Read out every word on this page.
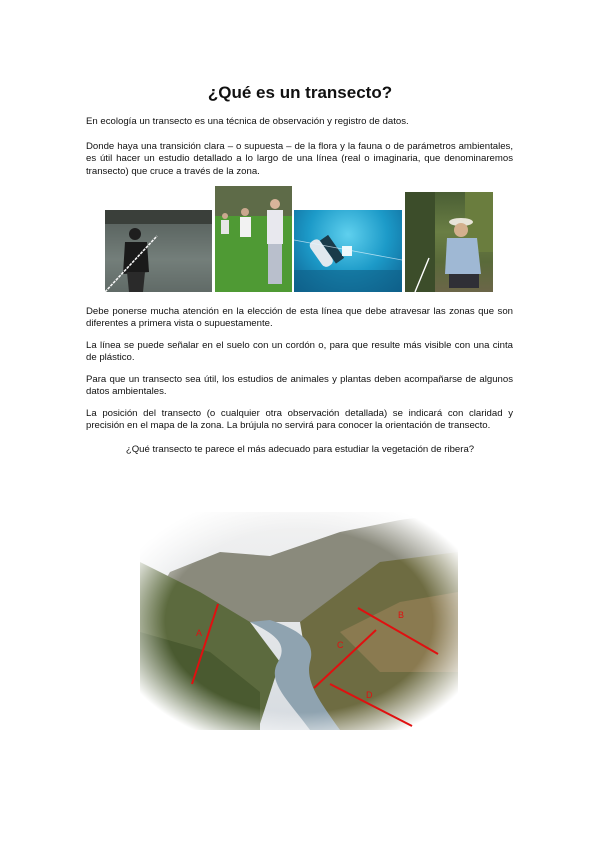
¿Qué es un transecto?
En ecología un transecto es una técnica de observación y registro de datos.
Donde haya una transición clara – o supuesta – de la flora y la fauna o de parámetros ambientales, es útil hacer un estudio detallado a lo largo de una línea (real o imaginaria, que denominaremos transecto) que cruce a través de la zona.
Debe ponerse mucha atención en la elección de esta línea que debe atravesar las zonas que son diferentes a primera vista o supuestamente.
La línea se puede señalar en el suelo con un cordón o, para que resulte más visible con una cinta de plástico.
Para que un transecto sea útil, los estudios de animales y plantas deben acompañarse de algunos datos ambientales.
La posición del transecto (o cualquier otra observación detallada) se indicará con claridad y precisión en el mapa de la zona. La brújula no servirá para conocer la orientación de transecto.
¿Qué transecto te parece el más adecuado para estudiar la vegetación de ribera?
A
B
C
D
